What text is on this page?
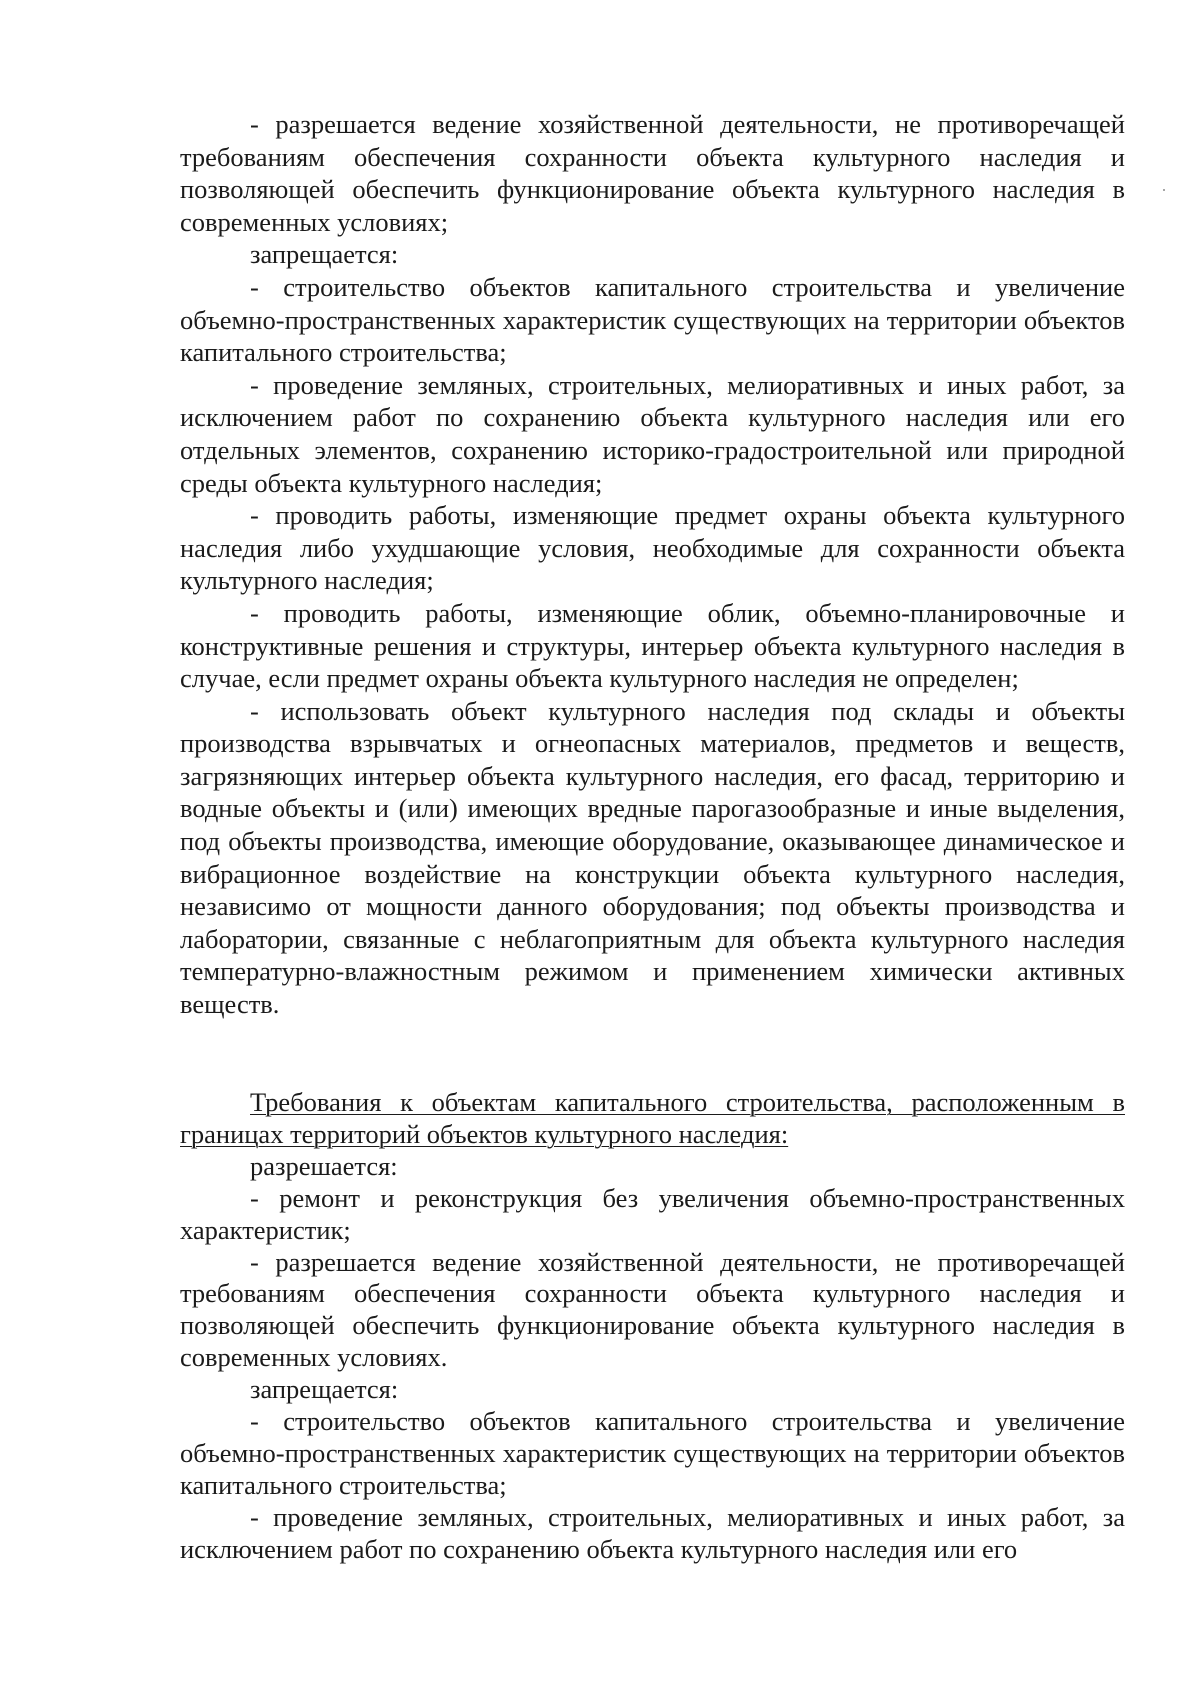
- разрешается ведение хозяйственной деятельности, не противоречащей требованиям обеспечения сохранности объекта культурного наследия и позволяющей обеспечить функционирование объекта культурного наследия в современных условиях;

запрещается:

- строительство объектов капитального строительства и увеличение объемно-пространственных характеристик существующих на территории объектов капитального строительства;

- проведение земляных, строительных, мелиоративных и иных работ, за исключением работ по сохранению объекта культурного наследия или его отдельных элементов, сохранению историко-градостроительной или природной среды объекта культурного наследия;

- проводить работы, изменяющие предмет охраны объекта культурного наследия либо ухудшающие условия, необходимые для сохранности объекта культурного наследия;

- проводить работы, изменяющие облик, объемно-планировочные и конструктивные решения и структуры, интерьер объекта культурного наследия в случае, если предмет охраны объекта культурного наследия не определен;

- использовать объект культурного наследия под склады и объекты производства взрывчатых и огнеопасных материалов, предметов и веществ, загрязняющих интерьер объекта культурного наследия, его фасад, территорию и водные объекты и (или) имеющих вредные парогазообразные и иные выделения, под объекты производства, имеющие оборудование, оказывающее динамическое и вибрационное воздействие на конструкции объекта культурного наследия, независимо от мощности данного оборудования; под объекты производства и лаборатории, связанные с неблагоприятным для объекта культурного наследия температурно-влажностным режимом и применением химически активных веществ.

Требования к объектам капитального строительства, расположенным в границах территорий объектов культурного наследия:

разрешается:

- ремонт и реконструкция без увеличения объемно-пространственных характеристик;

- разрешается ведение хозяйственной деятельности, не противоречащей требованиям обеспечения сохранности объекта культурного наследия и позволяющей обеспечить функционирование объекта культурного наследия в современных условиях.

запрещается:

- строительство объектов капитального строительства и увеличение объемно-пространственных характеристик существующих на территории объектов капитального строительства;

- проведение земляных, строительных, мелиоративных и иных работ, за исключением работ по сохранению объекта культурного наследия или его
